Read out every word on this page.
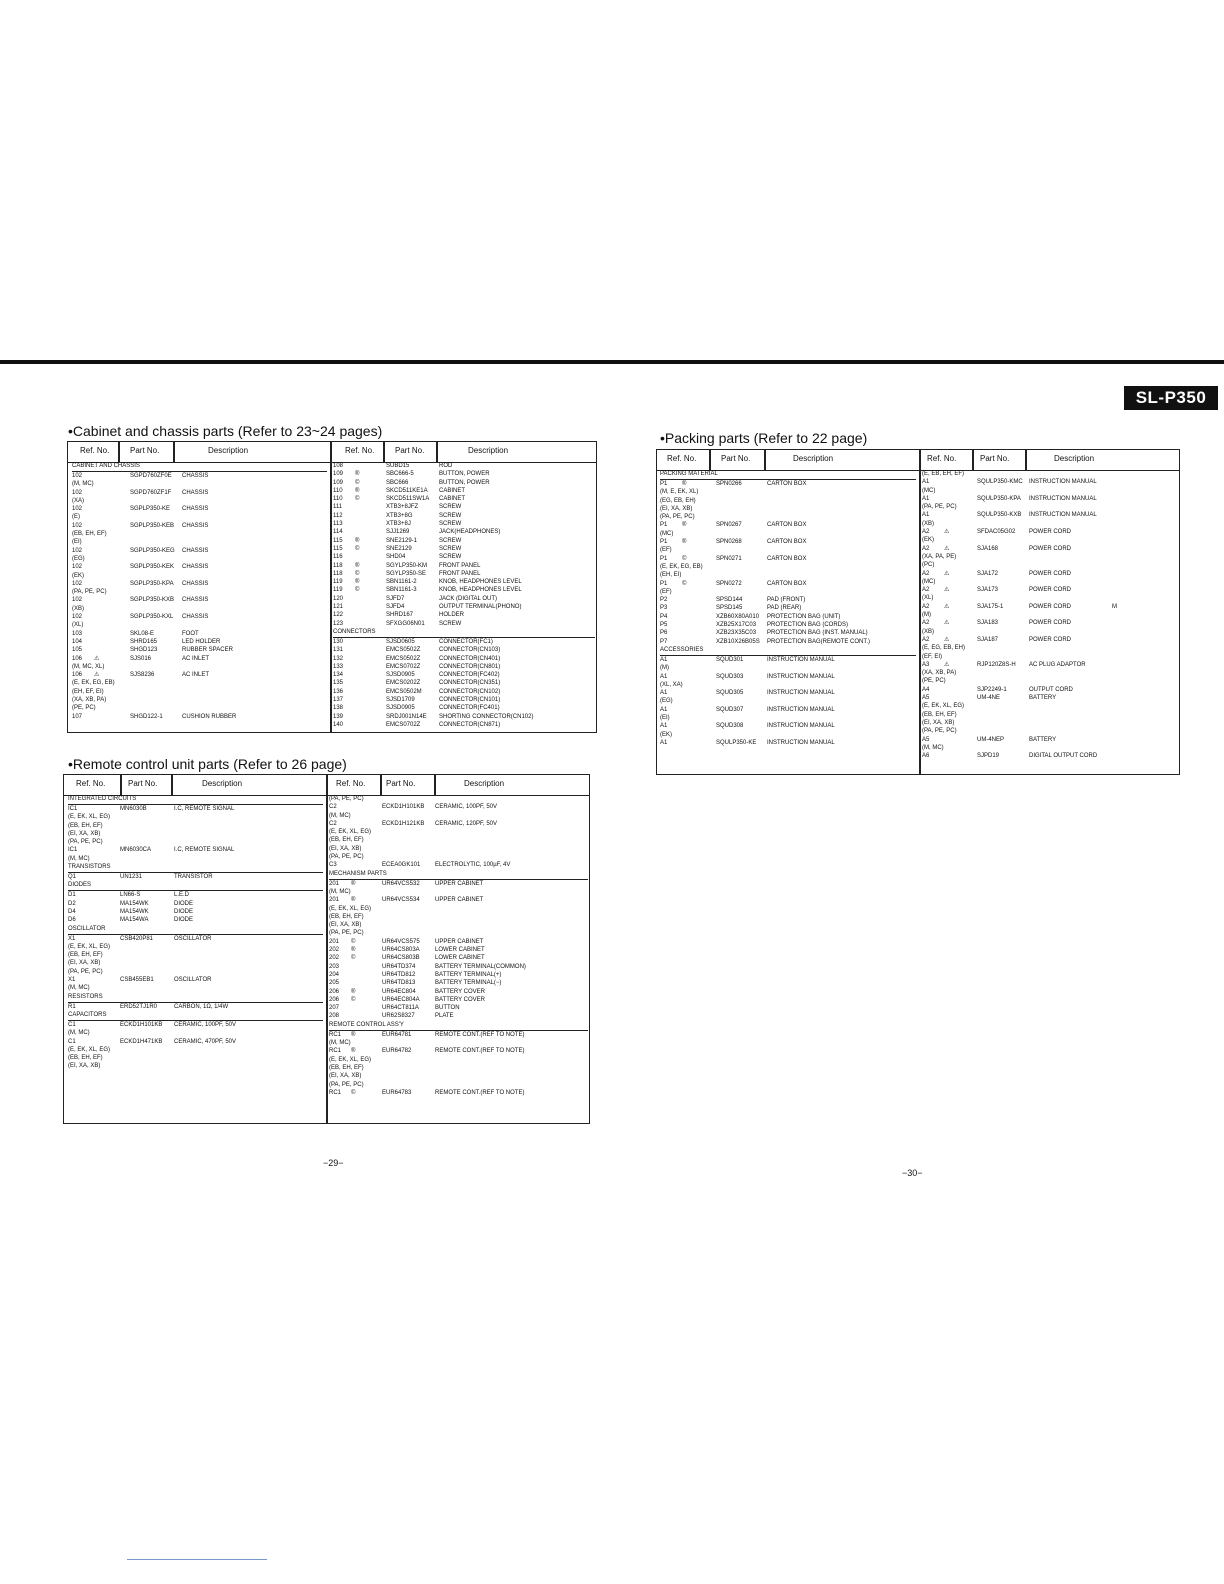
SL-P350
•Cabinet and chassis parts (Refer to 23~24 pages)
Ref. No.	Part No.	Description	Ref. No.	Part No.	Description
CABINET AND CHASSIS
102	SGPD760ZF0E CHASSIS
(M, MC)
102	SGPD760ZF1F CHASSIS
(XA)
102	SGPLP350-KE CHASSIS
(E)
102	SGPLP350-KEB CHASSIS
(EB, EH, EF)
(EI)
102	SGPLP350-KEG CHASSIS
(EG)
102	SGPLP350-KEK CHASSIS
(EK)
102	SGPLP350-KPA CHASSIS
(PA, PE, PC)
102	SGPLP350-KXB CHASSIS
(XB)
102	SGPLP350-KXL CHASSIS
(XL)
103	SKL08-E	FOOT
104	SHRD165	LED HOLDER
105	SHGD123	RUBBER SPACER
106 ⚠	SJS016	AC INLET
(M, MC, XL)
106 ⚠	SJS8236	AC INLET
(E, EK, EG, EB)
(EH, EF, EI)
(XA, XB, PA)
(PE, PC)
107	SHGD122-1	CUSHION RUBBER
108	SUBD15	ROD
109 ®	SBC666-5	BUTTON, POWER
109 ©	SBC666	BUTTON, POWER
110 ®	SKCD511KE1A CABINET
110 ©	SKCD511SW1A CABINET
111	XTB3+8JFZ	SCREW
112	XTB3+8G	SCREW
113	XTB3+8J	SCREW
114	SJJ1269	JACK(HEADPHONES)
115 ®	SNE2129-1	SCREW
115 ©	SNE2129	SCREW
116	SHD04	SCREW
118 ®	SGYLP350-KM FRONT PANEL
118 ©	SGYLP350-SE FRONT PANEL
119 ®	SBN1161-2	KNOB, HEADPHONES LEVEL
119 ©	SBN1161-3	KNOB, HEADPHONES LEVEL
120	SJFD7	JACK (DIGITAL OUT)
121	SJFD4	OUTPUT TERMINAL(PHONO)
122	SHRD167	HOLDER
123	SFXGG06N01 SCREW
CONNECTORS
130	SJSD0605	CONNECTOR(FC1)
131	EMCS0502Z	CONNECTOR(CN103)
132	EMCS0502Z	CONNECTOR(CN401)
133	EMCS0702Z	CONNECTOR(CN801)
134	SJSD0905	CONNECTOR(FC402)
135	EMCS0202Z	CONNECTOR(CN351)
136	EMCS0502M	CONNECTOR(CN102)
137	SJSD1709	CONNECTOR(CN101)
138	SJSD0905	CONNECTOR(FC401)
139	SRDJ001N14E SHORTING CONNECTOR(CN102)
140	EMCS0702Z	CONNECTOR(CN871)
•Remote control unit parts (Refer to 26 page)
Ref. No.	Part No.	Description	Ref. No.	Part No.	Description
INTEGRATED CIRCUITS
IC1	MN6030B	I.C, REMOTE SIGNAL
(E, EK, XL, EG)
(EB, EH, EF)
(EI, XA, XB)
(PA, PE, PC)
IC1	MN6030CA	I.C, REMOTE SIGNAL
(M, MC)
TRANSISTORS
Q1	UN1231	TRANSISTOR
DIODES
D1	LN66-S	L.E.D
D2	MA154WK	DIODE
D4	MA154WK	DIODE
D6	MA154WA	DIODE
OSCILLATOR
X1	CSB420P81	OSCILLATOR
(E, EK, XL, EG)
(EB, EH, EF)
(EI, XA, XB)
(PA, PE, PC)
X1	CSB455EB1	OSCILLATOR
(M, MC)
RESISTORS
R1	ERD52TJ1R0	CARBON, 1Ω, 1/4W
CAPACITORS
C1	ECKD1H101KB CERAMIC, 100PF, 50V
(M, MC)
C1	ECKD1H471KB CERAMIC, 470PF, 50V
(E, EK, XL, EG)
(EB, EH, EF)
(EI, XA, XB)
(PA, PE, PC)
C2	ECKD1H101KB CERAMIC, 100PF, 50V
(M, MC)
C2	ECKD1H121KB CERAMIC, 120PF, 50V
(E, EK, XL, EG)
(EB, EH, EF)
(EI, XA, XB)
(PA, PE, PC)
C3	ECEA0GK101 ELECTROLYTIC, 100µF, 4V
MECHANISM PARTS
201 ®	UR64VCS532	UPPER CABINET
(M, MC)
201 ®	UR64VCS534	UPPER CABINET
(E, EK, XL, EG)
(EB, EH, EF)
(EI, XA, XB)
(PA, PE, PC)
201 ©	UR64VCS575	UPPER CABINET
202 ®	UR64CS803A	LOWER CABINET
202 ©	UR64CS803B	LOWER CABINET
203	UR64TD374	BATTERY TERMINAL(COMMON)
204	UR64TD812	BATTERY TERMINAL(+)
205	UR64TD813	BATTERY TERMINAL(−)
206 ®	UR64EC804	BATTERY COVER
206 ©	UR64EC804A	BATTERY COVER
207	UR64CT811A	BUTTON
208	UR62S8327	PLATE
REMOTE CONTROL ASS'Y
RC1 ®	EUR64781	REMOTE CONT.(REF TO NOTE)
(M, MC)
RC1 ®	EUR64782	REMOTE CONT.(REF TO NOTE)
(E, EK, XL, EG)
(EB, EH, EF)
(EI, XA, XB)
(PA, PE, PC)
RC1 ©	EUR64783	REMOTE CONT.(REF TO NOTE)
•Packing parts (Refer to 22 page)
Ref. No.	Part No.	Description	Ref. No.	Part No.	Description
PACKING MATERIAL
P1 ®	SPN0266	CARTON BOX
(M, E, EK, XL)
(EG, EB, EH)
(EI, XA, XB)
(PA, PE, PC)
P1 ®	SPN0267	CARTON BOX
(MC)
P1 ®	SPN0268	CARTON BOX
(EF)
P1 ©	SPN0271	CARTON BOX
(E, EK, EG, EB)
(EH, EI)
P1 ©	SPN0272	CARTON BOX
(EF)
P2	SPSD144	PAD (FRONT)
P3	SPSD145	PAD (REAR)
P4	XZB60X80A010 PROTECTION BAG (UNIT)
P5	XZB25X17C03 PROTECTION BAG (CORDS)
P6	XZB23X35C03 PROTECTION BAG (INST. MANUAL)
P7	XZB10X26B05S PROTECTION BAG(REMOTE CONT.)
ACCESSORIES
A1	SQUD301	INSTRUCTION MANUAL
(M)
A1	SQUD303	INSTRUCTION MANUAL
(XL, XA)
A1	SQUD305	INSTRUCTION MANUAL
(EG)
A1	SQUD307	INSTRUCTION MANUAL
(EI)
A1	SQUD308	INSTRUCTION MANUAL
(EK)
A1	SQULP350-KE INSTRUCTION MANUAL
(E, EB, EH, EF)
A1	SQULP350-KMC INSTRUCTION MANUAL
(MC)
A1	SQULP350-KPA INSTRUCTION MANUAL
(PA, PE, PC)
A1	SQULP350-KXB INSTRUCTION MANUAL
(XB)
A2 ⚠	SFDAC05G02 POWER CORD
(EK)
A2 ⚠	SJA168	POWER CORD
(XA, PA, PE)
(PC)
A2 ⚠	SJA172	POWER CORD
(MC)
A2 ⚠	SJA173	POWER CORD
(XL)
A2 ⚠	SJA175-1	POWER CORD	M
(M)
A2 ⚠	SJA183	POWER CORD
(XB)
A2 ⚠	SJA187	POWER CORD
(E, EG, EB, EH)
(EF, EI)
A3 ⚠	RJP120Z8S-H AC PLUG ADAPTOR
(XA, XB, PA)
(PE, PC)
A4	SJP2249-1	OUTPUT CORD
A5	UM-4NE	BATTERY
(E, EK, XL, EG)
(EB, EH, EF)
(EI, XA, XB)
(PA, PE, PC)
A5	UM-4NEP	BATTERY
(M, MC)
A6	SJPD19	DIGITAL OUTPUT CORD
−29−
−30−
